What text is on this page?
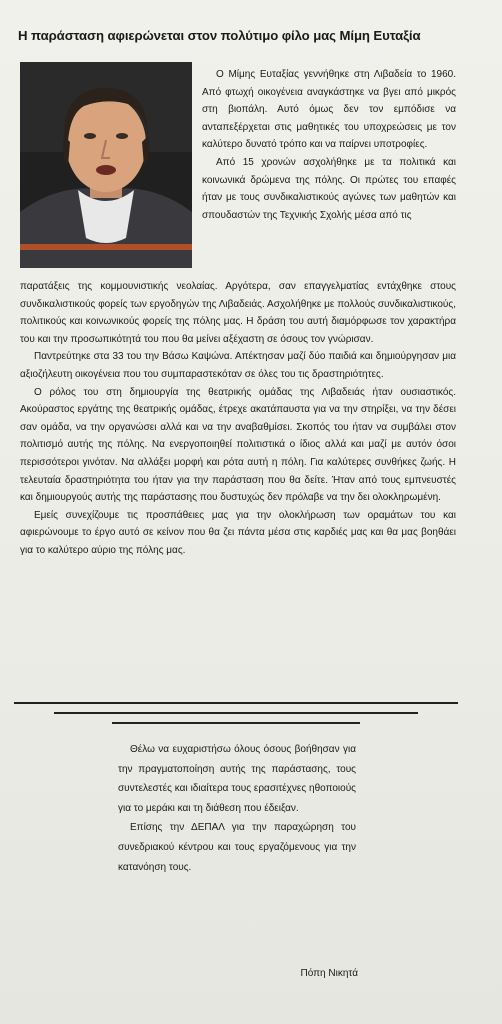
Η παράσταση αφιερώνεται στον πολύτιμο φίλο μας Μίμη Ευταξία

Ο Μίμης Ευταξίας γεννήθηκε στη Λιβαδεία το 1960. Από φτωχή οικογένεια αναγκάστηκε να βγει από μικρός στη βιοπάλη. Αυτό όμως δεν τον εμπόδισε να ανταπεξέρχεται στις μαθητικές του υποχρεώσεις με τον καλύτερο δυνατό τρόπο και να παίρνει υποτροφίες.

Από 15 χρονών ασχολήθηκε με τα πολιτικά και κοινωνικά δρώμενα της πόλης. Οι πρώτες του επαφές ήταν με τους συνδικαλιστικούς αγώνες των μαθητών και σπουδαστών της Τεχνικής Σχολής μέσα από τις

παρατάξεις της κομμουνιστικής νεολαίας. Αργότερα, σαν επαγγελματίας εντάχθηκε στους συνδικαλιστικούς φορείς των εργοδηγών της Λιβαδειάς. Ασχολήθηκε με πολλούς συνδικαλιστικούς, πολιτικούς και κοινωνικούς φορείς της πόλης μας. Η δράση του αυτή διαμόρφωσε τον χαρακτήρα του και την προσωπικότητά του που θα μείνει αξέχαστη σε όσους τον γνώρισαν.

Παντρεύτηκε στα 33 του την Βάσω Καψώνα. Απέκτησαν μαζί δύο παιδιά και δημιούργησαν μια αξιοζήλευτη οικογένεια που του συμπαραστεκόταν σε όλες του τις δραστηριότητες.

Ο ρόλος του στη δημιουργία της θεατρικής ομάδας της Λιβαδειάς ήταν ουσιαστικός. Ακούραστος εργάτης της θεατρικής ομάδας, έτρεχε ακατάπαυστα για να την στηρίξει, να την δέσει σαν ομάδα, να την οργανώσει αλλά και να την αναβαθμίσει. Σκοπός του ήταν να συμβάλει στον πολιτισμό αυτής της πόλης. Να ενεργοποιηθεί πολιτιστικά ο ίδιος αλλά και μαζί με αυτόν όσοι περισσότεροι γινόταν. Να αλλάξει μορφή και ρότα αυτή η πόλη. Για καλύτερες συνθήκες ζωής. Η τελευταία δραστηριότητα του ήταν για την παράσταση που θα δείτε. Ήταν από τους εμπνευστές και δημιουργούς αυτής της παράστασης που δυστυχώς δεν πρόλαβε να την δει ολοκληρωμένη.

Εμείς συνεχίζουμε τις προσπάθειες μας για την ολοκλήρωση των οραμάτων του και αφιερώνουμε το έργο αυτό σε κείνον που θα ζει πάντα μέσα στις καρδιές μας και θα μας βοηθάει για το καλύτερο αύριο της πόλης μας.

Θέλω να ευχαριστήσω όλους όσους βοήθησαν για την πραγματοποίηση αυτής της παράστασης, τους συντελεστές και ιδιαίτερα τους ερασιτέχνες ηθοποιούς για το μεράκι και τη διάθεση που έδειξαν.

Επίσης την ΔΕΠΑΛ για την παραχώρηση του συνεδριακού κέντρου και τους εργαζόμενους για την κατανόηση τους.

Πόπη Νικητά
